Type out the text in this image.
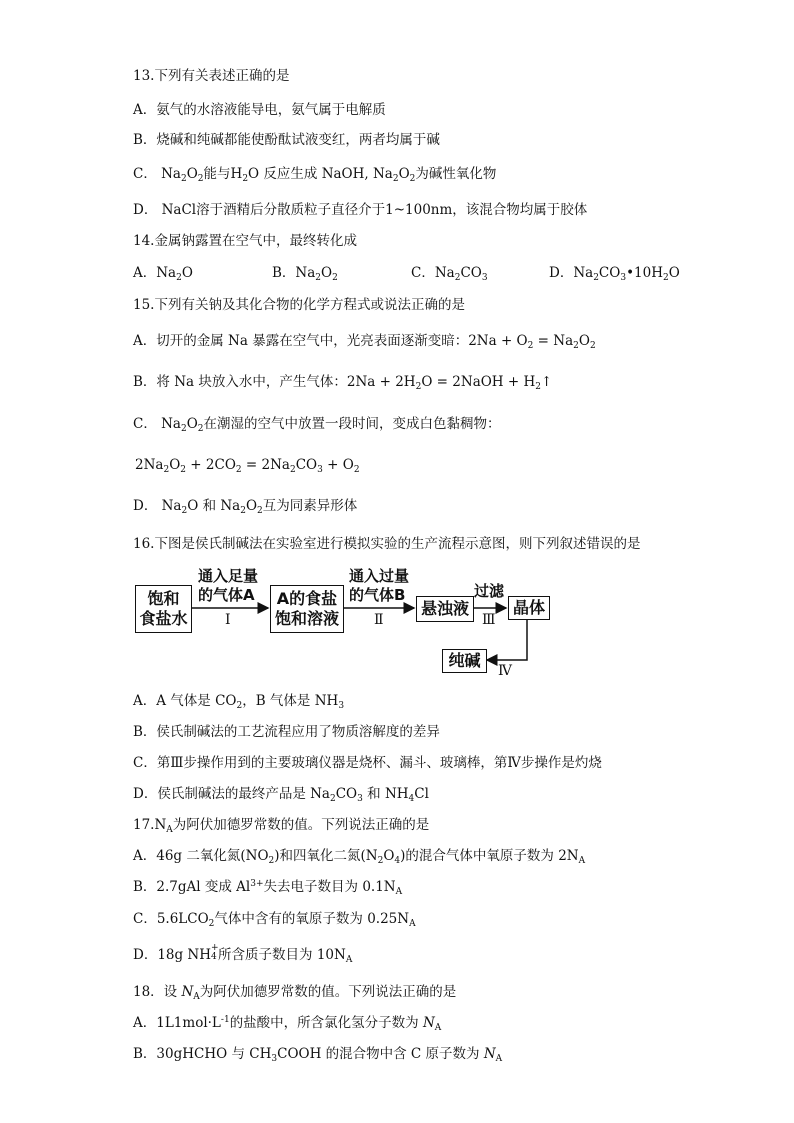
13.下列有关表述正确的是
A．氨气的水溶液能导电，氨气属于电解质
B．烧碱和纯碱都能使酚酞试液变红，两者均属于碱
C． $Na_2O_2$能与$H_2O$ 反应生成 NaOH, $Na_2O_2$为碱性氧化物
D． NaCl溶于酒精后分散质粒子直径介于1~100nm，该混合物均属于胶体
14.金属钠露置在空气中，最终转化成
A．$Na_2O$	B．$Na_2O_2$	C．$Na_2CO_3$	D．$Na_2CO_3•10H_2O$
15.下列有关钠及其化合物的化学方程式或说法正确的是
A．切开的金属 Na 暴露在空气中，光亮表面逐渐变暗：$2Na + O_2 = Na_2O_2$
B．将 Na 块放入水中，产生气体：$2Na + 2H_2O$ = 2NaOH + $H_2↑$
C． $Na_2O_2$在潮湿的空气中放置一段时间，变成白色黏稠物：
$2Na_2O_2 + 2CO_2 = 2Na_2CO_3 + O_2$
D． $Na_2O$ 和 $Na_2O_2$互为同素异形体
16.下图是侯氏制碱法在实验室进行模拟实验的生产流程示意图，则下列叙述错误的是
饱和
食盐水
通入足量
的气体A
Ⅰ
A的食盐
饱和溶液
通入过量
的气体B
Ⅱ
悬浊液
过滤
Ⅲ
晶体
纯碱
Ⅳ
A．A 气体是 $CO_2$，B 气体是 $NH_3$
B．侯氏制碱法的工艺流程应用了物质溶解度的差异
C．第Ⅲ步操作用到的主要玻璃仪器是烧杯、漏斗、玻璃棒，第Ⅳ步操作是灼烧
D．侯氏制碱法的最终产品是 $Na_2CO_3$ 和 $NH_4Cl$
$17.N_A$为阿伏加德罗常数的值。下列说法正确的是
A．46g 二氧化氮$(NO_2)$和四氧化二氮$(N_2O_4)$的混合气体中氧原子数为 $2N_A$
B．2.7gAl 变成 $Al^{3+}$失去电子数目为 $0.1N_A$
C．$5.6LCO_2$气体中含有的氧原子数为 $0.25N_A$
D．18g NH +
4 所含质子数目为 $10N_A$
18．设 $N_A$为阿伏加德罗常数的值。下列说法正确的是
A．$1L1mol\cdot L^{-1}$的盐酸中，所含氯化氢分子数为 $N_A$
B．30gHCHO 与 $CH_3COOH$ 的混合物中含 C 原子数为 $N_A$
